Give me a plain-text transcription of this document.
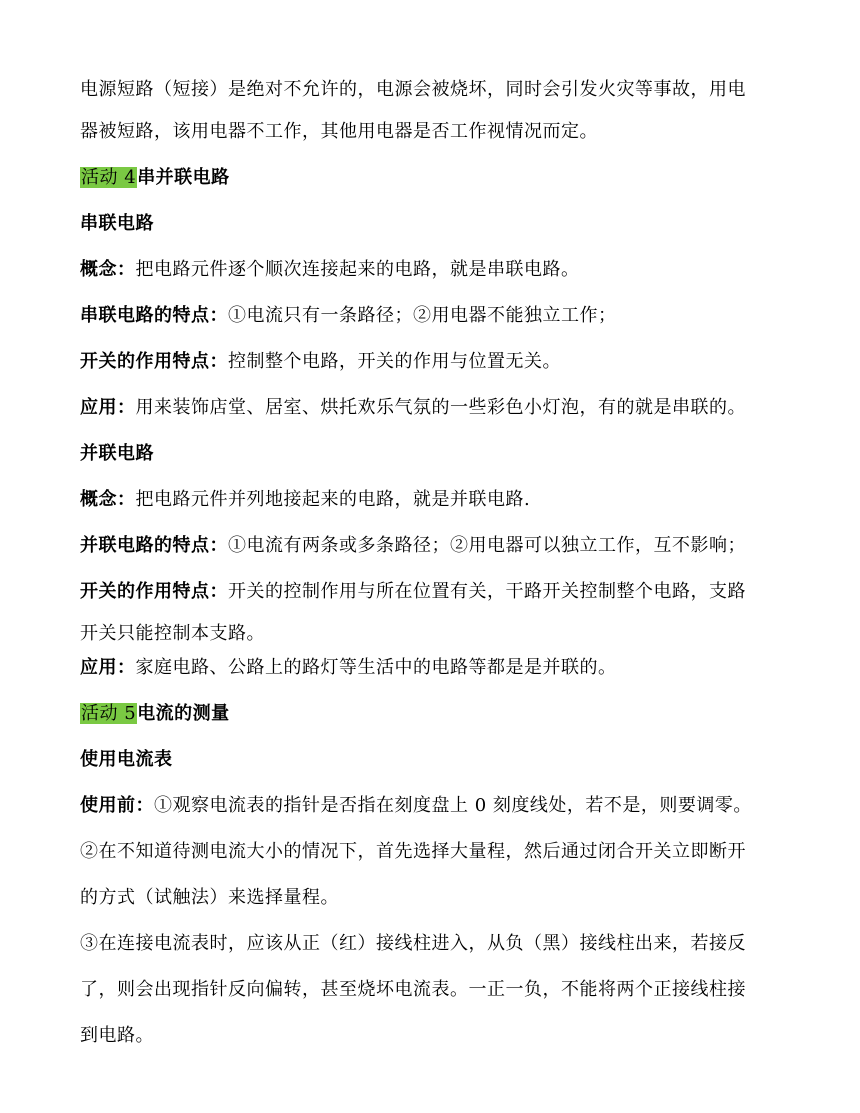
电源短路（短接）是绝对不允许的，电源会被烧坏，同时会引发火灾等事故，用电
器被短路，该用电器不工作，其他用电器是否工作视情况而定。
活动 4串并联电路
串联电路
概念：把电路元件逐个顺次连接起来的电路，就是串联电路。
串联电路的特点：①电流只有一条路径；②用电器不能独立工作；
开关的作用特点：控制整个电路，开关的作用与位置无关。
应用：用来装饰店堂、居室、烘托欢乐气氛的一些彩色小灯泡，有的就是串联的。
并联电路
概念：把电路元件并列地接起来的电路，就是并联电路.
并联电路的特点：①电流有两条或多条路径；②用电器可以独立工作，互不影响；
开关的作用特点：开关的控制作用与所在位置有关，干路开关控制整个电路，支路
开关只能控制本支路。
应用：家庭电路、公路上的路灯等生活中的电路等都是是并联的。
活动 5电流的测量
使用电流表
使用前：①观察电流表的指针是否指在刻度盘上 0 刻度线处，若不是，则要调零。
②在不知道待测电流大小的情况下，首先选择大量程，然后通过闭合开关立即断开
的方式（试触法）来选择量程。
③在连接电流表时，应该从正（红）接线柱进入，从负（黑）接线柱出来，若接反
了，则会出现指针反向偏转，甚至烧坏电流表。一正一负，不能将两个正接线柱接
到电路。
